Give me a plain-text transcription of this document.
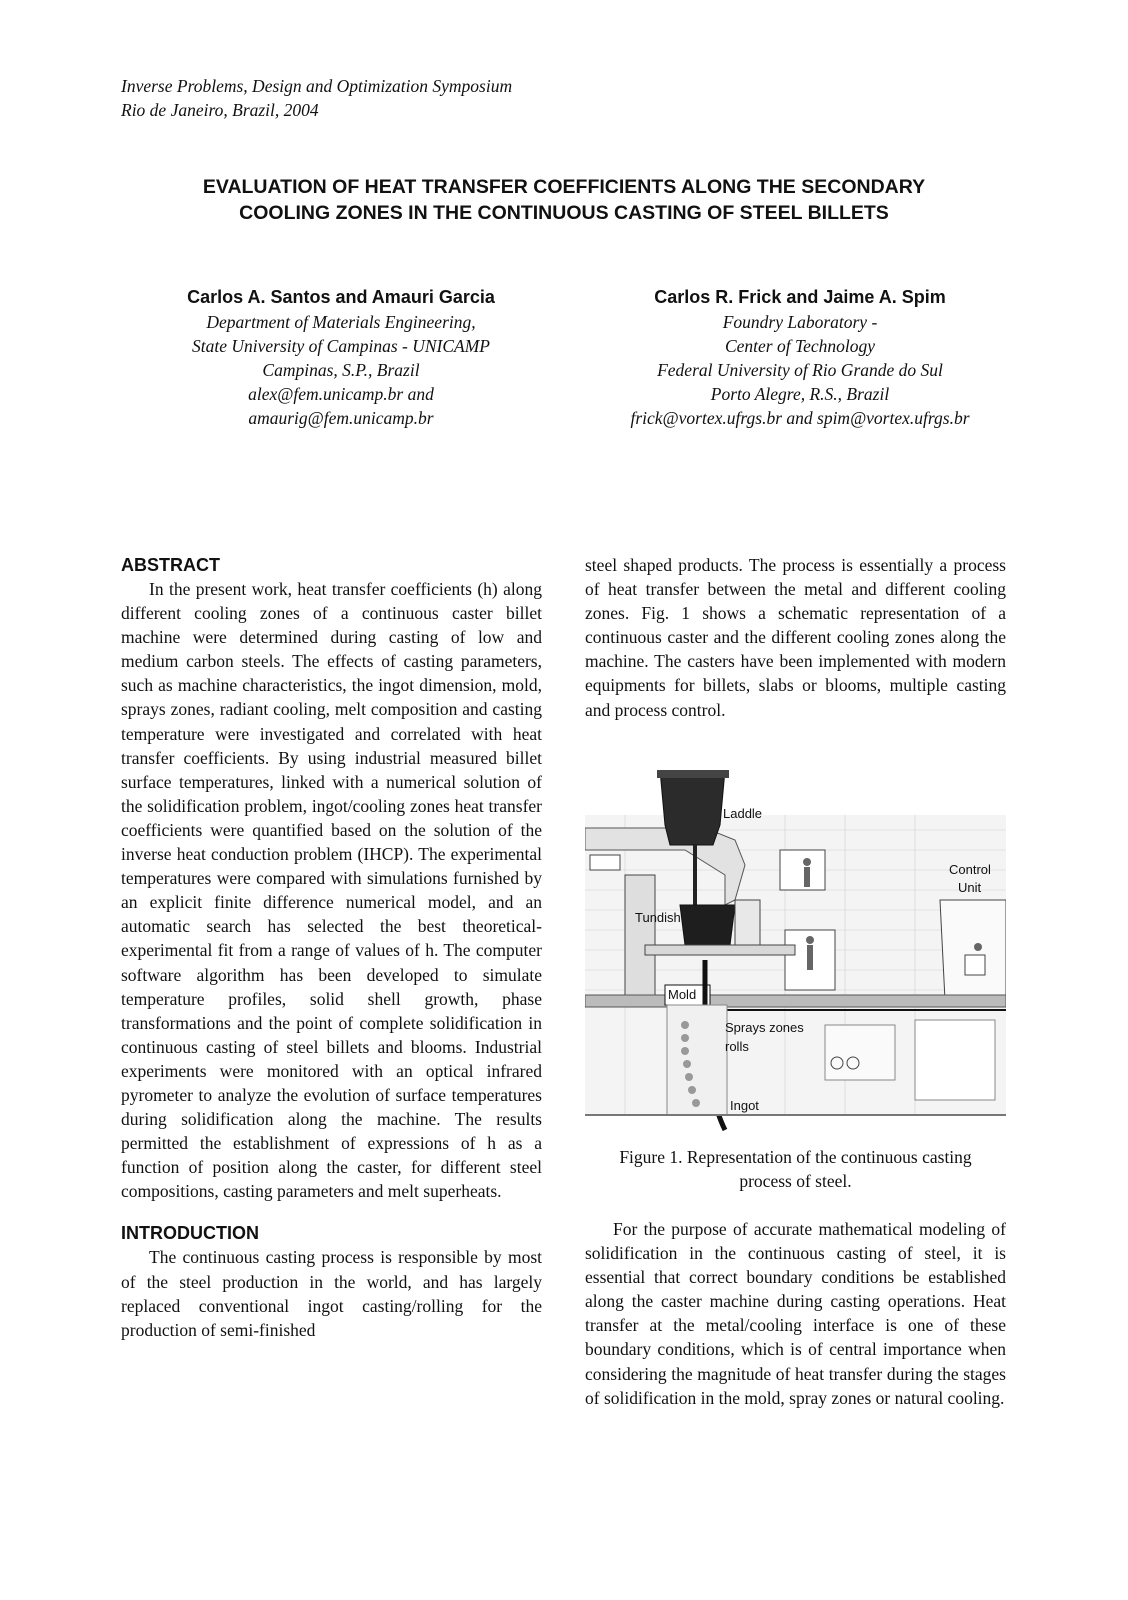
Inverse Problems, Design and Optimization Symposium
Rio de Janeiro, Brazil, 2004
EVALUATION OF HEAT TRANSFER COEFFICIENTS ALONG THE SECONDARY
COOLING ZONES IN THE CONTINUOUS CASTING OF STEEL BILLETS
Carlos A. Santos and Amauri Garcia
Department of Materials Engineering,
State University of Campinas - UNICAMP
Campinas, S.P., Brazil
alex@fem.unicamp.br and
amaurig@fem.unicamp.br
Carlos R. Frick and Jaime A. Spim
Foundry Laboratory -
Center of Technology
Federal University of Rio Grande do Sul
Porto Alegre, R.S., Brazil
frick@vortex.ufrgs.br and spim@vortex.ufrgs.br
ABSTRACT

In the present work, heat transfer coefficients (h) along different cooling zones of a continuous caster billet machine were determined during casting of low and medium carbon steels. The effects of casting parameters, such as machine characteristics, the ingot dimension, mold, sprays zones, radiant cooling, melt composition and casting temperature were investigated and correlated with heat transfer coefficients. By using industrial measured billet surface temperatures, linked with a numerical solution of the solidification problem, ingot/cooling zones heat transfer coefficients were quantified based on the solution of the inverse heat conduction problem (IHCP). The experimental temperatures were compared with simulations furnished by an explicit finite difference numerical model, and an automatic search has selected the best theoretical-experimental fit from a range of values of h. The computer software algorithm has been developed to simulate temperature profiles, solid shell growth, phase transformations and the point of complete solidification in continuous casting of steel billets and blooms. Industrial experiments were monitored with an optical infrared pyrometer to analyze the evolution of surface temperatures during solidification along the machine. The results permitted the establishment of expressions of h as a function of position along the caster, for different steel compositions, casting parameters and melt superheats.

INTRODUCTION

The continuous casting process is responsible by most of the steel production in the world, and has largely replaced conventional ingot casting/rolling for the production of semi-finished

steel shaped products. The process is essentially a process of heat transfer between the metal and different cooling zones. Fig. 1 shows a schematic representation of a continuous caster and the different cooling zones along the machine. The casters have been implemented with modern equipments for billets, slabs or blooms, multiple casting and process control.

Laddle
Control
Unit
Tundish
Mold
Sprays zones
rolls
Ingot
Figure 1. Representation of the continuous casting
process of steel.

For the purpose of accurate mathematical modeling of solidification in the continuous casting of steel, it is essential that correct boundary conditions be established along the caster machine during casting operations. Heat transfer at the metal/cooling interface is one of these boundary conditions, which is of central importance when considering the magnitude of heat transfer during the stages of solidification in the mold, spray zones or natural cooling.
